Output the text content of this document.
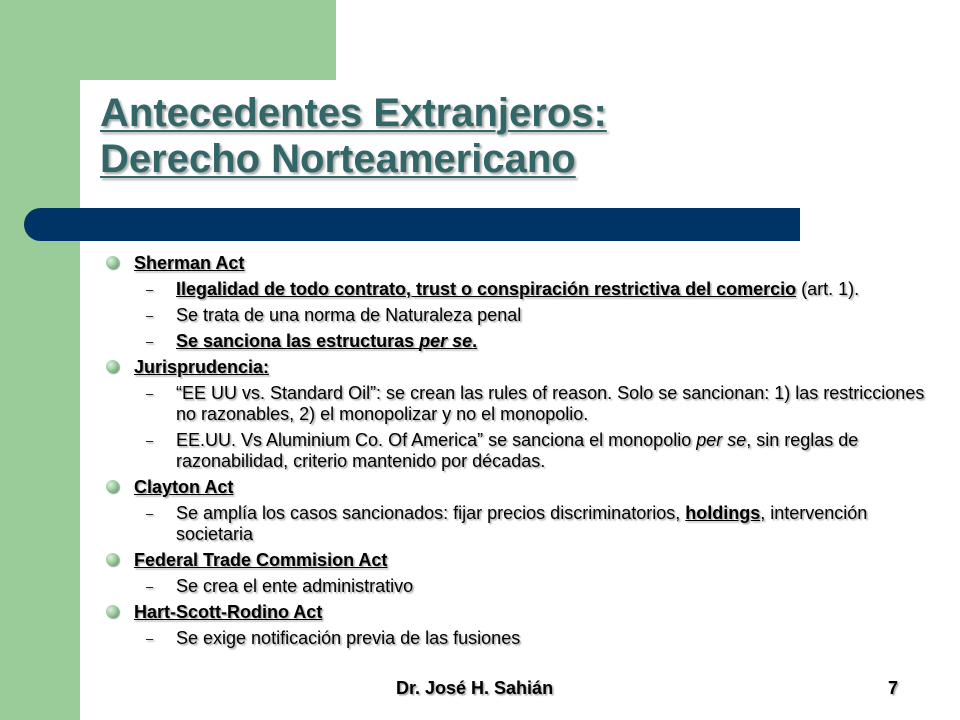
Antecedentes Extranjeros:
Derecho Norteamericano
Sherman Act
– Ilegalidad de todo contrato, trust o conspiración restrictiva del comercio (art. 1).
– Se trata de una norma de Naturaleza penal
– Se sanciona las estructuras per se.
Jurisprudencia:
– “EE UU vs. Standard Oil”: se crean las rules of reason. Solo se sancionan: 1) las restricciones no razonables, 2) el monopolizar y no el monopolio.
– EE.UU. Vs Aluminium Co. Of America” se sanciona el monopolio per se, sin reglas de razonabilidad, criterio mantenido por décadas.
Clayton Act
– Se amplía los casos sancionados: fijar precios discriminatorios, holdings, intervención societaria
Federal Trade Commision Act
– Se crea el ente administrativo
Hart-Scott-Rodino Act
– Se exige notificación previa de las fusiones
Dr. José H. Sahián	7
